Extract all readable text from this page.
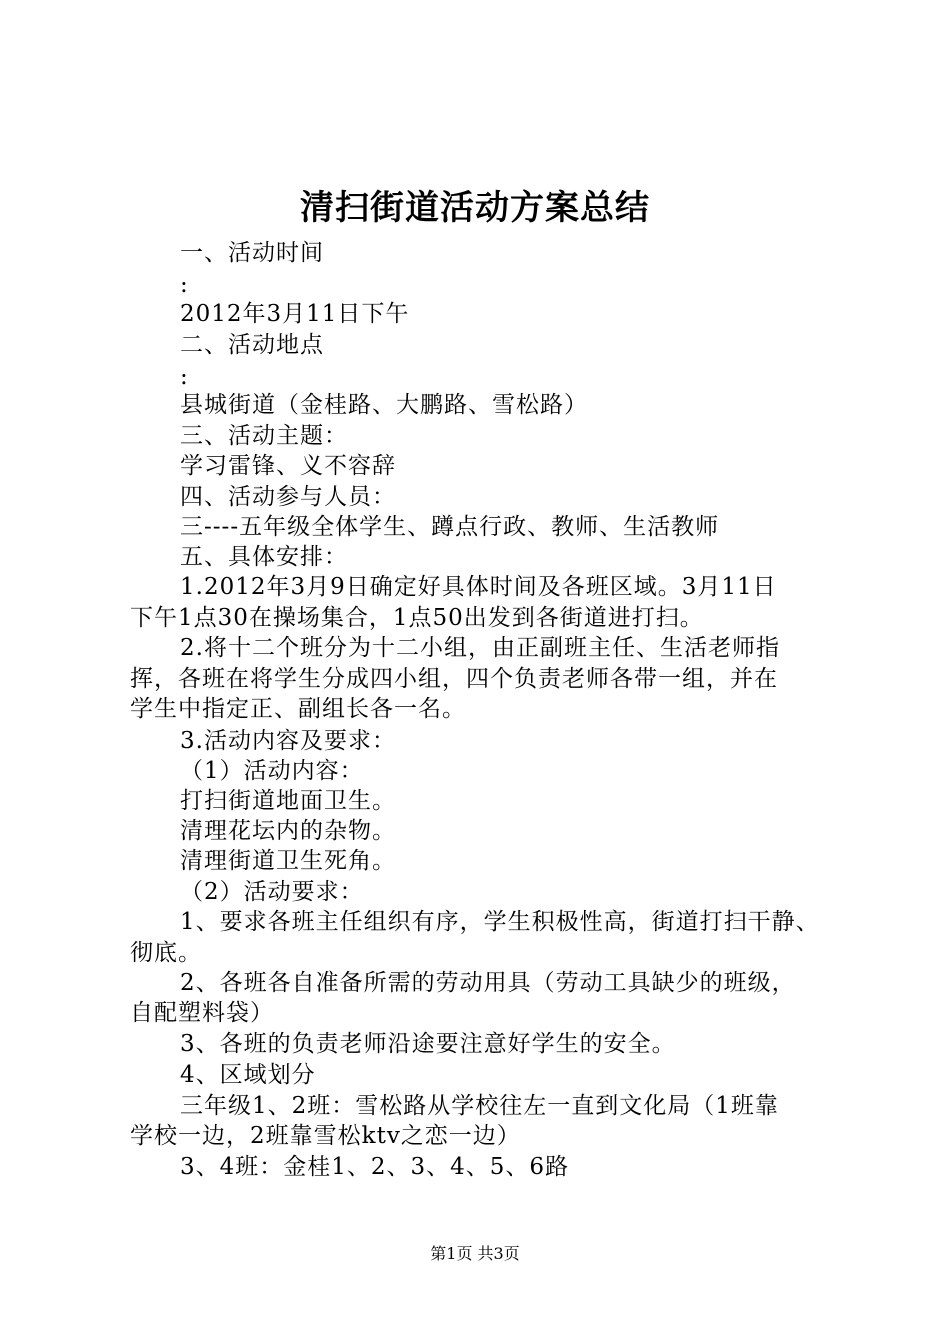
清扫街道活动方案总结
一、活动时间
:
2012年3月11日下午
二、活动地点
:
县城街道（金桂路、大鹏路、雪松路）
三、活动主题：
学习雷锋、义不容辞
四、活动参与人员：
三----五年级全体学生、蹲点行政、教师、生活教师
五、具体安排：
1.2012年3月9日确定好具体时间及各班区域。3月11日
下午1点30在操场集合，1点50出发到各街道进打扫。
2.将十二个班分为十二小组，由正副班主任、生活老师指
挥，各班在将学生分成四小组，四个负责老师各带一组，并在
学生中指定正、副组长各一名。
3.活动内容及要求：
（1）活动内容：
打扫街道地面卫生。
清理花坛内的杂物。
清理街道卫生死角。
（2）活动要求：
1、要求各班主任组织有序，学生积极性高，街道打扫干静、
彻底。
2、各班各自准备所需的劳动用具（劳动工具缺少的班级，
自配塑料袋）
3、各班的负责老师沿途要注意好学生的安全。
4、区域划分
三年级1、2班：雪松路从学校往左一直到文化局（1班靠
学校一边，2班靠雪松ktv之恋一边）
3、4班：金桂1、2、3、4、5、6路
第1页 共3页
